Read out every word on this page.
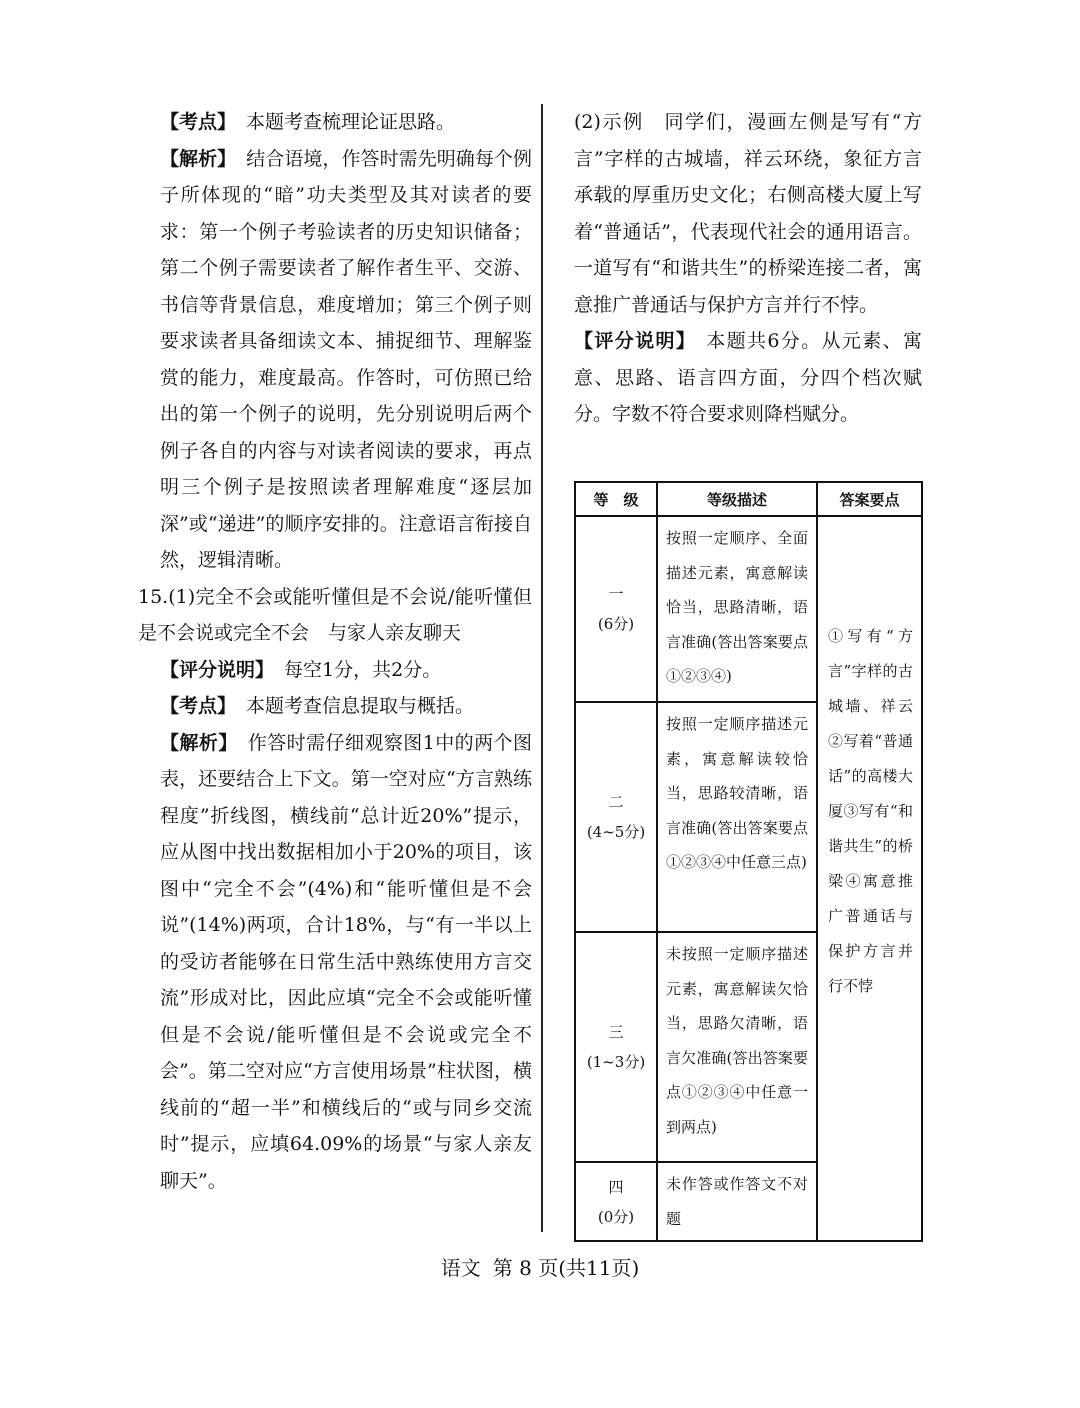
【考点】 本题考查梳理论证思路。

【解析】 结合语境，作答时需先明确每个例子所体现的“暗”功夫类型及其对读者的要求：第一个例子考验读者的历史知识储备；第二个例子需要读者了解作者生平、交游、书信等背景信息，难度增加；第三个例子则要求读者具备细读文本、捕捉细节、理解鉴赏的能力，难度最高。作答时，可仿照已给出的第一个例子的说明，先分别说明后两个例子各自的内容与对读者阅读的要求，再点明三个例子是按照读者理解难度“逐层加深”或“递进”的顺序安排的。注意语言衔接自然，逻辑清晰。

15.(1)完全不会或能听懂但是不会说/能听懂但是不会说或完全不会　与家人亲友聊天

【评分说明】 每空1分，共2分。

【考点】 本题考查信息提取与概括。

【解析】 作答时需仔细观察图1中的两个图表，还要结合上下文。第一空对应“方言熟练程度”折线图，横线前“总计近20%”提示，应从图中找出数据相加小于20%的项目，该图中“完全不会”(4%)和“能听懂但是不会说”(14%)两项，合计18%，与“有一半以上的受访者能够在日常生活中熟练使用方言交流”形成对比，因此应填“完全不会或能听懂但是不会说/能听懂但是不会说或完全不会”。第二空对应“方言使用场景”柱状图，横线前的“超一半”和横线后的“或与同乡交流时”提示，应填64.09%的场景“与家人亲友聊天”。

(2)示例　同学们，漫画左侧是写有“方言”字样的古城墙，祥云环绕，象征方言承载的厚重历史文化；右侧高楼大厦上写着“普通话”，代表现代社会的通用语言。一道写有“和谐共生”的桥梁连接二者，寓意推广普通话与保护方言并行不悖。

【评分说明】 本题共6分。从元素、寓意、思路、语言四方面，分四个档次赋分。字数不符合要求则降档赋分。

等　级	等级描述	答案要点

一
(6分)	按照一定顺序、全面描述元素，寓意解读恰当，思路清晰，语言准确(答出答案要点①②③④)	①写有“方言”字样的古城墙、祥云②写着“普通话”的高楼大厦③写有“和谐共生”的桥梁④寓意推广普通话与保护方言并行不悖

二
(4~5分)	按照一定顺序描述元素，寓意解读较恰当，思路较清晰，语言准确(答出答案要点①②③④中任意三点)	

三
(1~3分)	未按照一定顺序描述元素，寓意解读欠恰当，思路欠清晰，语言欠准确(答出答案要点①②③④中任意一到两点)	

四
(0分)	未作答或作答文不对题	
语文 第 8 页(共11页)
